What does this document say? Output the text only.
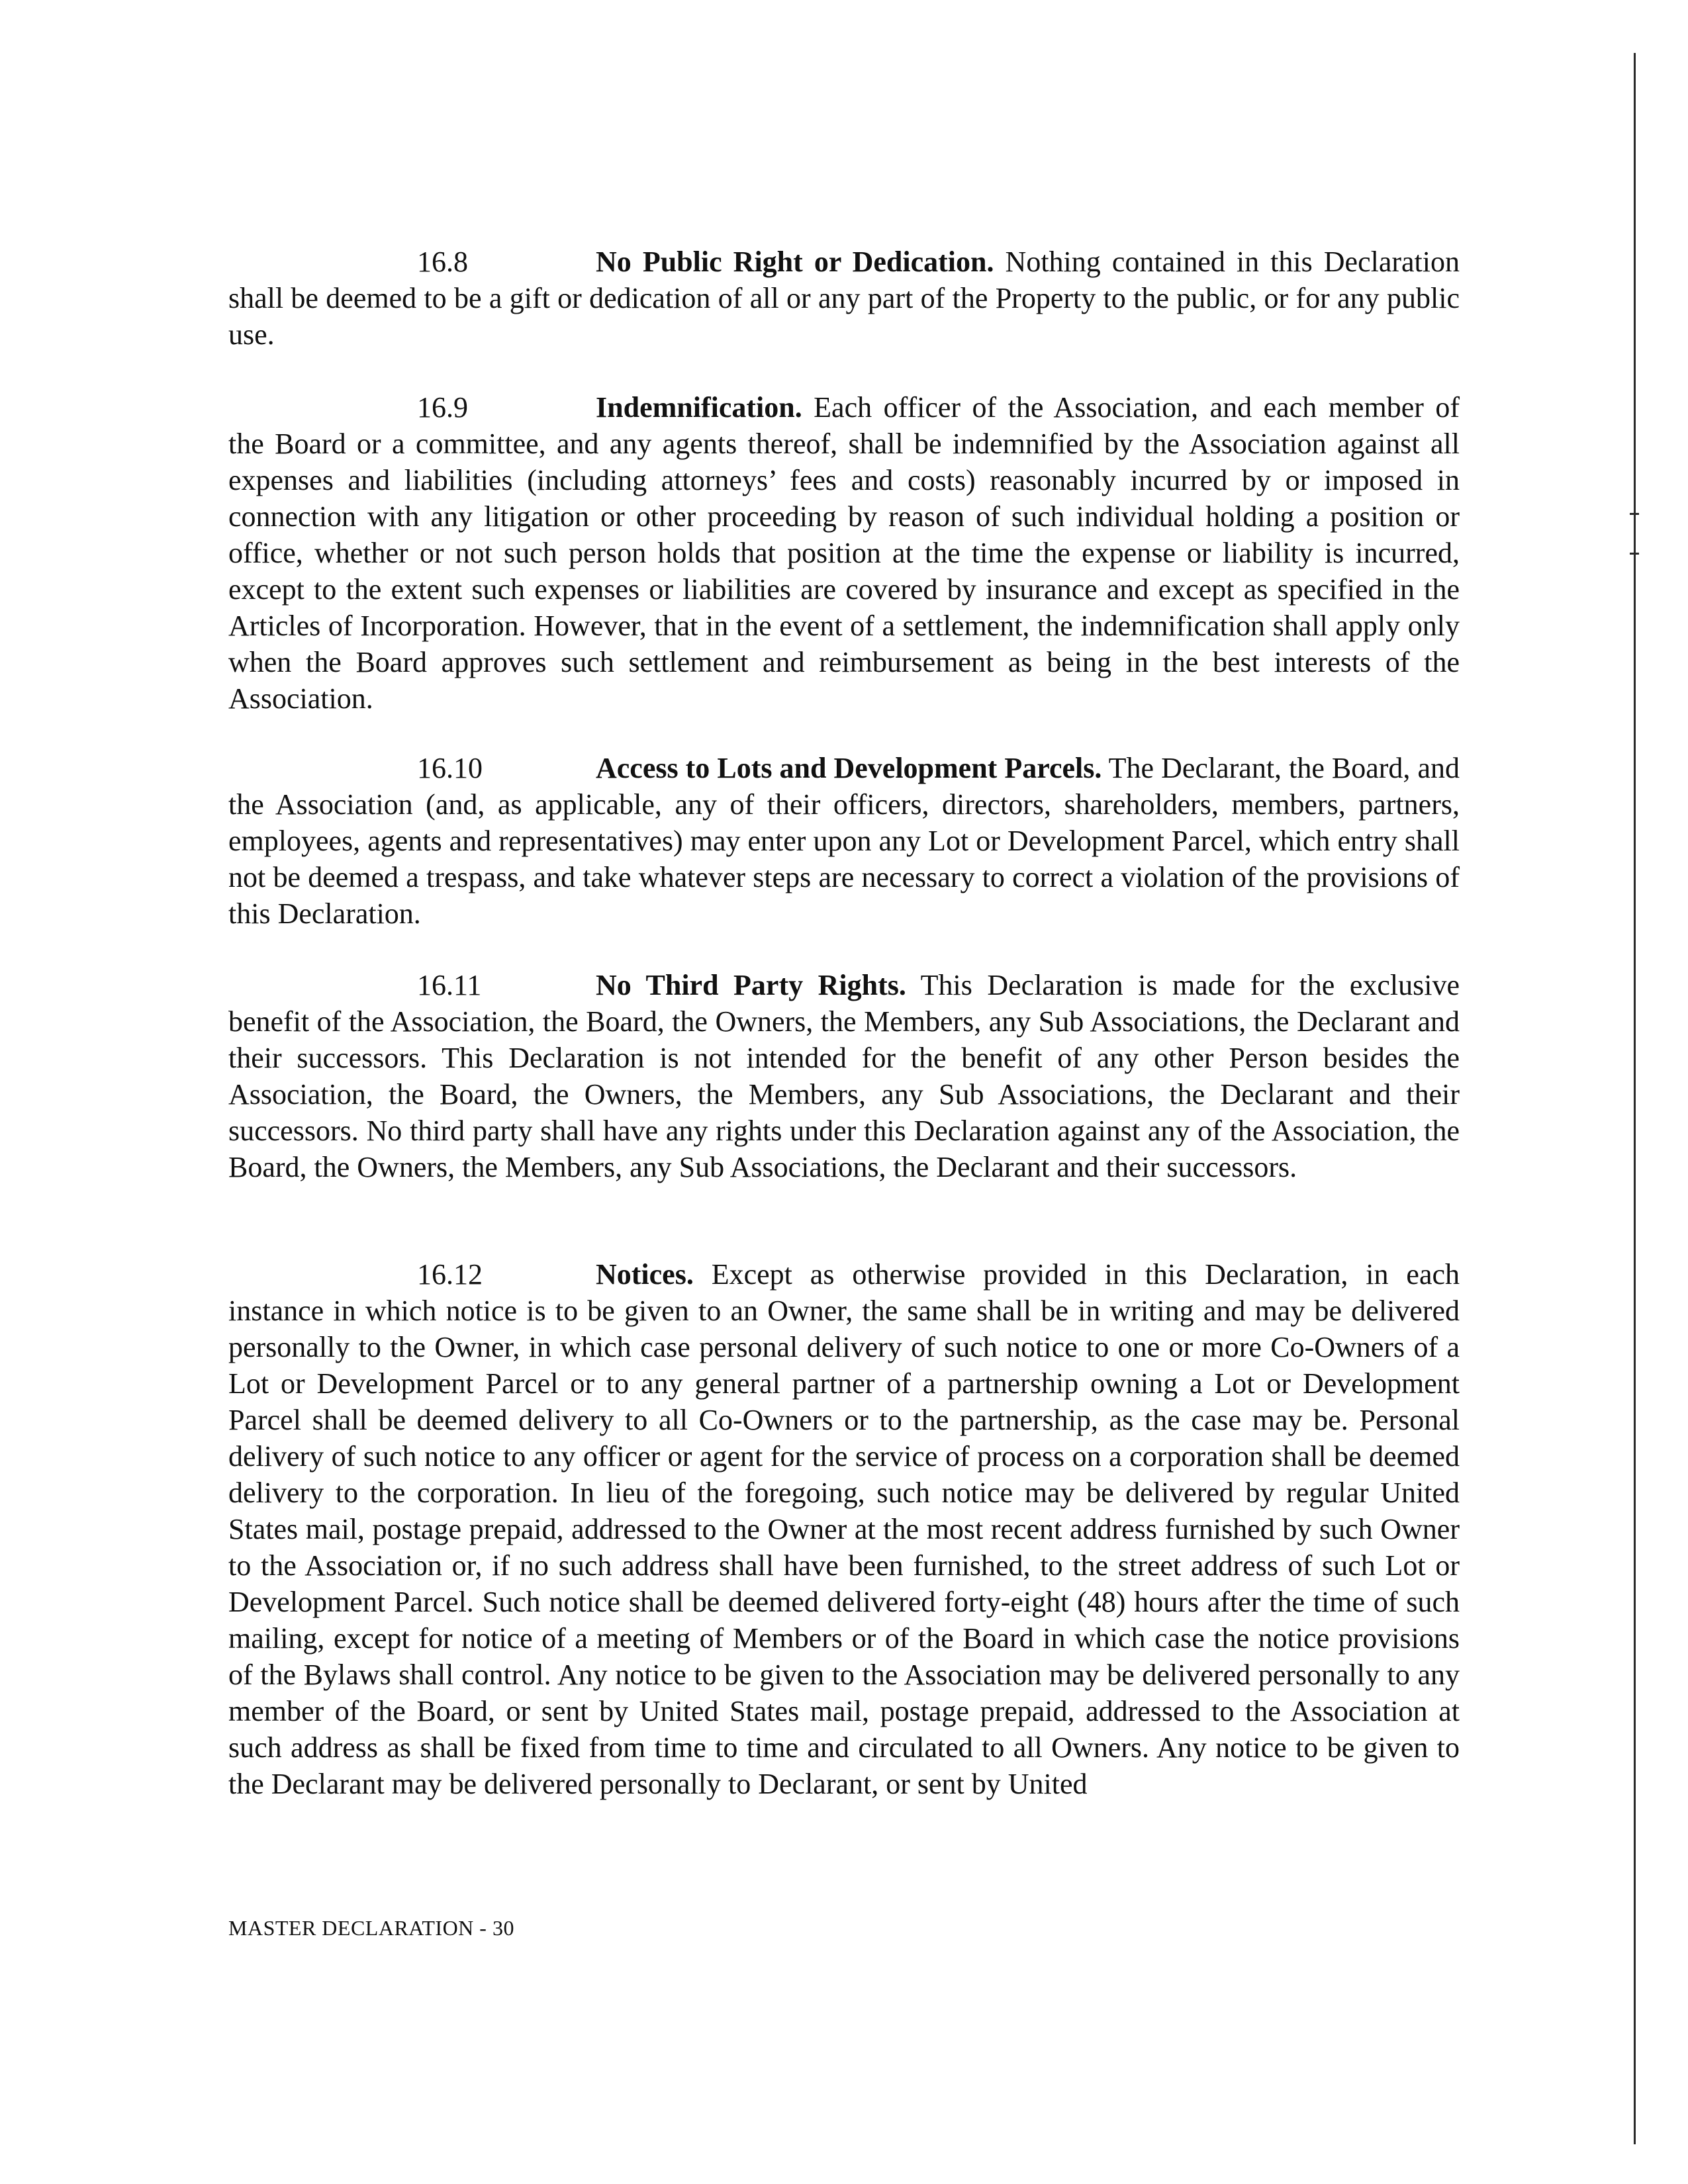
16.8	No Public Right or Dedication. Nothing contained in this Declaration shall be deemed to be a gift or dedication of all or any part of the Property to the public, or for any public use.

16.9	Indemnification. Each officer of the Association, and each member of the Board or a committee, and any agents thereof, shall be indemnified by the Association against all expenses and liabilities (including attorneys’ fees and costs) reasonably incurred by or imposed in connection with any litigation or other proceeding by reason of such individual holding a position or office, whether or not such person holds that position at the time the expense or liability is incurred, except to the extent such expenses or liabilities are covered by insurance and except as specified in the Articles of Incorporation. However, that in the event of a settlement, the indemnification shall apply only when the Board approves such settlement and reimbursement as being in the best interests of the Association.

16.10	Access to Lots and Development Parcels. The Declarant, the Board, and the Association (and, as applicable, any of their officers, directors, shareholders, members, partners, employees, agents and representatives) may enter upon any Lot or Development Parcel, which entry shall not be deemed a trespass, and take whatever steps are necessary to correct a violation of the provisions of this Declaration.

16.11	No Third Party Rights. This Declaration is made for the exclusive benefit of the Association, the Board, the Owners, the Members, any Sub Associations, the Declarant and their successors. This Declaration is not intended for the benefit of any other Person besides the Association, the Board, the Owners, the Members, any Sub Associations, the Declarant and their successors. No third party shall have any rights under this Declaration against any of the Association, the Board, the Owners, the Members, any Sub Associations, the Declarant and their successors.

16.12	Notices. Except as otherwise provided in this Declaration, in each instance in which notice is to be given to an Owner, the same shall be in writing and may be delivered personally to the Owner, in which case personal delivery of such notice to one or more Co-Owners of a Lot or Development Parcel or to any general partner of a partnership owning a Lot or Development Parcel shall be deemed delivery to all Co-Owners or to the partnership, as the case may be. Personal delivery of such notice to any officer or agent for the service of process on a corporation shall be deemed delivery to the corporation. In lieu of the foregoing, such notice may be delivered by regular United States mail, postage prepaid, addressed to the Owner at the most recent address furnished by such Owner to the Association or, if no such address shall have been furnished, to the street address of such Lot or Development Parcel. Such notice shall be deemed delivered forty-eight (48) hours after the time of such mailing, except for notice of a meeting of Members or of the Board in which case the notice provisions of the Bylaws shall control. Any notice to be given to the Association may be delivered personally to any member of the Board, or sent by United States mail, postage prepaid, addressed to the Association at such address as shall be fixed from time to time and circulated to all Owners. Any notice to be given to the Declarant may be delivered personally to Declarant, or sent by United

MASTER DECLARATION - 30
